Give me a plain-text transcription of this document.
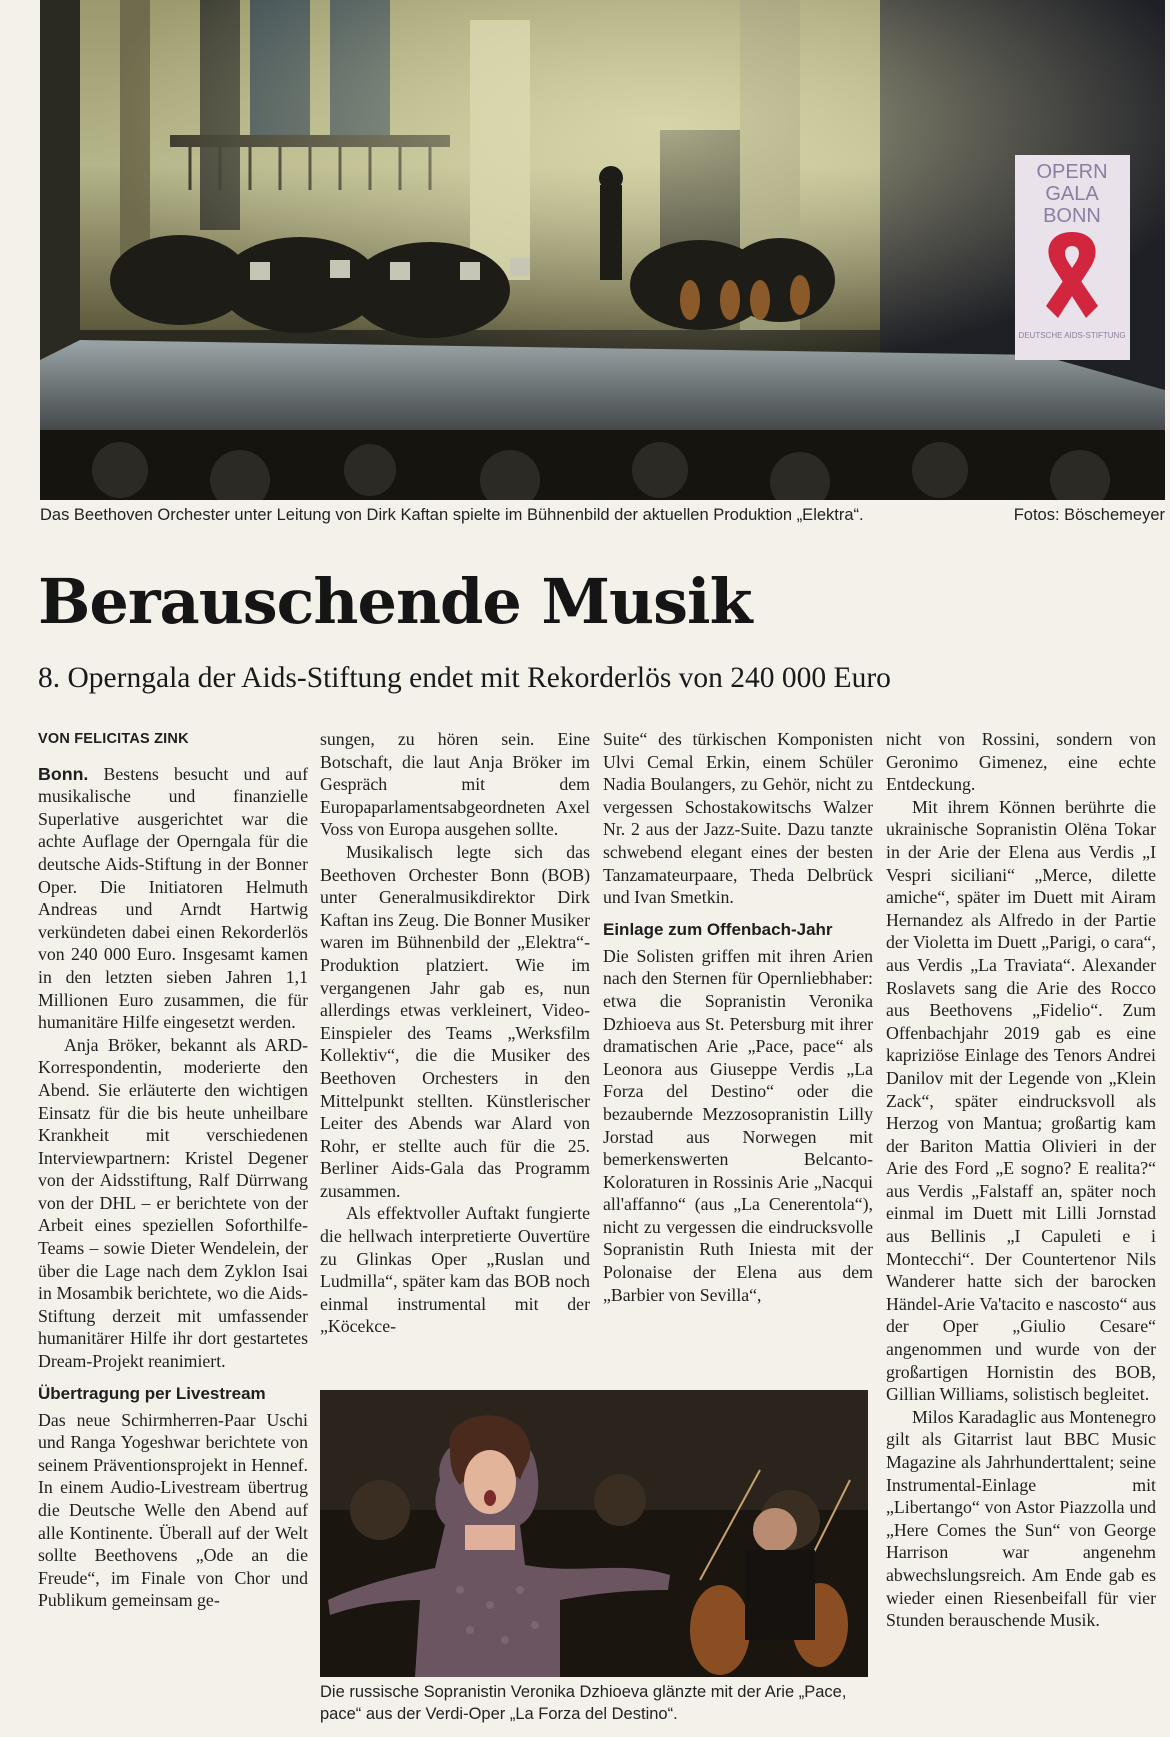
OPERN
GALA
BONN
DEUTSCHE AIDS-STIFTUNG
Das Beethoven Orchester unter Leitung von Dirk Kaftan spielte im Bühnenbild der aktuellen Produktion „Elektra“.	Fotos: Böschemeyer
Berauschende Musik
8. Operngala der Aids-Stiftung endet mit Rekorderlös von 240 000 Euro
VON FELICITAS ZINK

Bonn. Bestens besucht und auf musikalische und finanzielle Superlative ausgerichtet war die achte Auflage der Operngala für die deutsche Aids-Stiftung in der Bonner Oper. Die Initiatoren Helmuth Andreas und Arndt Hartwig verkündeten dabei einen Rekorderlös von 240 000 Euro. Insgesamt kamen in den letzten sieben Jahren 1,1 Millionen Euro zusammen, die für humanitäre Hilfe eingesetzt werden.

Anja Bröker, bekannt als ARD-Korrespondentin, moderierte den Abend. Sie erläuterte den wichtigen Einsatz für die bis heute unheilbare Krankheit mit verschiedenen Interviewpartnern: Kristel Degener von der Aidsstiftung, Ralf Dürrwang von der DHL – er berichtete von der Arbeit eines speziellen Soforthilfe-Teams – sowie Dieter Wendelein, der über die Lage nach dem Zyklon Isai in Mosambik berichtete, wo die Aids-Stiftung derzeit mit umfassender humanitärer Hilfe ihr dort gestartetes Dream-Projekt reanimiert.

Übertragung per Livestream

Das neue Schirmherren-Paar Uschi und Ranga Yogeshwar berichtete von seinem Präventionsprojekt in Hennef. In einem Audio-Livestream übertrug die Deutsche Welle den Abend auf alle Kontinente. Überall auf der Welt sollte Beethovens „Ode an die Freude“, im Finale von Chor und Publikum gemeinsam ge-

sungen, zu hören sein. Eine Botschaft, die laut Anja Bröker im Gespräch mit dem Europaparlamentsabgeordneten Axel Voss von Europa ausgehen sollte.

Musikalisch legte sich das Beethoven Orchester Bonn (BOB) unter Generalmusikdirektor Dirk Kaftan ins Zeug. Die Bonner Musiker waren im Bühnenbild der „Elektra“-Produktion platziert. Wie im vergangenen Jahr gab es, nun allerdings etwas verkleinert, Video-Einspieler des Teams „Werksfilm Kollektiv“, die die Musiker des Beethoven Orchesters in den Mittelpunkt stellten. Künstlerischer Leiter des Abends war Alard von Rohr, er stellte auch für die 25. Berliner Aids-Gala das Programm zusammen.

Als effektvoller Auftakt fungierte die hellwach interpretierte Ouvertüre zu Glinkas Oper „Ruslan und Ludmilla“, später kam das BOB noch einmal instrumental mit der „Köcekce-

Suite“ des türkischen Komponisten Ulvi Cemal Erkin, einem Schüler Nadia Boulangers, zu Gehör, nicht zu vergessen Schostakowitschs Walzer Nr. 2 aus der Jazz-Suite. Dazu tanzte schwebend elegant eines der besten Tanzamateurpaare, Theda Delbrück und Ivan Smetkin.

Einlage zum Offenbach-Jahr

Die Solisten griffen mit ihren Arien nach den Sternen für Opernliebhaber: etwa die Sopranistin Veronika Dzhioeva aus St. Petersburg mit ihrer dramatischen Arie „Pace, pace“ als Leonora aus Giuseppe Verdis „La Forza del Destino“ oder die bezaubernde Mezzosopranistin Lilly Jorstad aus Norwegen mit bemerkenswerten Belcanto-Koloraturen in Rossinis Arie „Nacqui all'affanno“ (aus „La Cenerentola“), nicht zu vergessen die eindrucksvolle Sopranistin Ruth Iniesta mit der Polonaise der Elena aus dem „Barbier von Sevilla“,

nicht von Rossini, sondern von Geronimo Gimenez, eine echte Entdeckung.

Mit ihrem Können berührte die ukrainische Sopranistin Olëna Tokar in der Arie der Elena aus Verdis „I Vespri siciliani“ „Merce, dilette amiche“, später im Duett mit Airam Hernandez als Alfredo in der Partie der Violetta im Duett „Parigi, o cara“, aus Verdis „La Traviata“. Alexander Roslavets sang die Arie des Rocco aus Beethovens „Fidelio“. Zum Offenbachjahr 2019 gab es eine kapriziöse Einlage des Tenors Andrei Danilov mit der Legende von „Klein Zack“, später eindrucksvoll als Herzog von Mantua; großartig kam der Bariton Mattia Olivieri in der Arie des Ford „E sogno? E realita?“ aus Verdis „Falstaff an, später noch einmal im Duett mit Lilli Jornstad aus Bellinis „I Capuleti e i Montecchi“. Der Countertenor Nils Wanderer hatte sich der barocken Händel-Arie Va'tacito e nascosto“ aus der Oper „Giulio Cesare“ angenommen und wurde von der großartigen Hornistin des BOB, Gillian Williams, solistisch begleitet.

Milos Karadaglic aus Montenegro gilt als Gitarrist laut BBC Music Magazine als Jahrhunderttalent; seine Instrumental-Einlage mit „Libertango“ von Astor Piazzolla und „Here Comes the Sun“ von George Harrison war angenehm abwechslungsreich. Am Ende gab es wieder einen Riesenbeifall für vier Stunden berauschende Musik.

Die russische Sopranistin Veronika Dzhioeva glänzte mit der Arie „Pace, pace“ aus der Verdi-Oper „La Forza del Destino“.
